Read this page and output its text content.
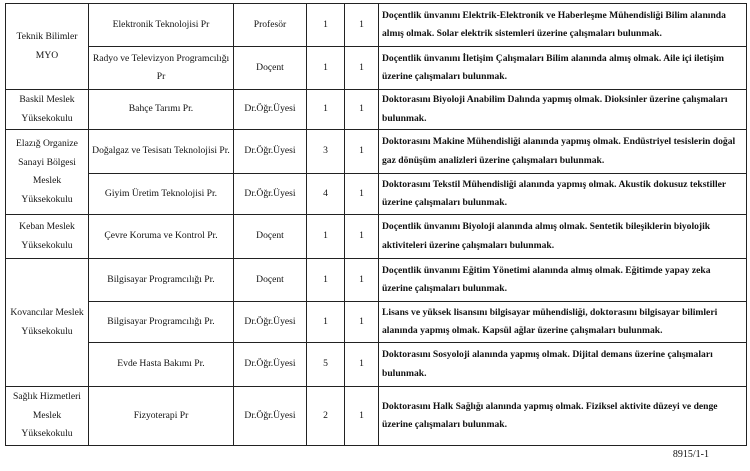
Teknik Bilimler MYO	Elektronik Teknolojisi Pr	Profesör	1	1	Doçentlik ünvanını Elektrik-Elektronik ve Haberleşme Mühendisliği Bilim alanında almış olmak. Solar elektrik sistemleri üzerine çalışmaları bulunmak.
	Radyo ve Televizyon Programcılığı Pr	Doçent	1	1	Doçentlik ünvanını İletişim Çalışmaları Bilim alanında almış olmak. Aile içi iletişim üzerine çalışmaları bulunmak.
Baskil Meslek Yüksekokulu	Bahçe Tarımı Pr.	Dr.Öğr.Üyesi	1	1	Doktorasını Biyoloji Anabilim Dalında yapmış olmak. Dioksinler üzerine çalışmaları bulunmak.
Elazığ Organize Sanayi Bölgesi Meslek Yüksekokulu	Doğalgaz ve Tesisatı Teknolojisi Pr.	Dr.Öğr.Üyesi	3	1	Doktorasını Makine Mühendisliği alanında yapmış olmak. Endüstriyel tesislerin doğal gaz dönüşüm analizleri üzerine çalışmaları bulunmak.
	Giyim Üretim Teknolojisi Pr.	Dr.Öğr.Üyesi	4	1	Doktorasını Tekstil Mühendisliği alanında yapmış olmak. Akustik dokusuz tekstiller üzerine çalışmaları bulunmak.
Keban Meslek Yüksekokulu	Çevre Koruma ve Kontrol Pr.	Doçent	1	1	Doçentlik ünvanını Biyoloji alanında almış olmak. Sentetik bileşiklerin biyolojik aktiviteleri üzerine çalışmaları bulunmak.
Kovancılar Meslek Yüksekokulu	Bilgisayar Programcılığı Pr.	Doçent	1	1	Doçentlik ünvanını Eğitim Yönetimi alanında almış olmak. Eğitimde yapay zeka üzerine çalışmaları bulunmak.
	Bilgisayar Programcılığı Pr.	Dr.Öğr.Üyesi	1	1	Lisans ve yüksek lisansını bilgisayar mühendisliği, doktorasını bilgisayar bilimleri alanında yapmış olmak. Kapsül ağlar üzerine çalışmaları bulunmak.
	Evde Hasta Bakımı Pr.	Dr.Öğr.Üyesi	5	1	Doktorasını Sosyoloji alanında yapmış olmak. Dijital demans üzerine çalışmaları bulunmak.
Sağlık Hizmetleri Meslek Yüksekokulu	Fizyoterapi Pr	Dr.Öğr.Üyesi	2	1	Doktorasını Halk Sağlığı alanında yapmış olmak. Fiziksel aktivite düzeyi ve denge üzerine çalışmaları bulunmak.
8915/1-1
